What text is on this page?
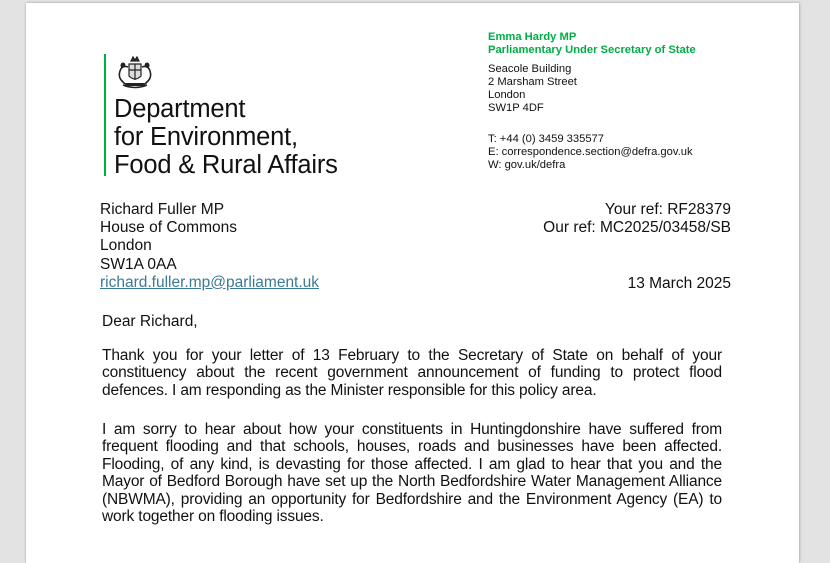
Department
for Environment,
Food & Rural Affairs
Emma Hardy MP
Parliamentary Under Secretary of State
Seacole Building
2 Marsham Street
London
SW1P 4DF
T: +44 (0) 3459 335577
E: correspondence.section@defra.gov.uk
W: gov.uk/defra
Richard Fuller MP
House of Commons
London
SW1A 0AA
richard.fuller.mp@parliament.uk
Your ref: RF28379
Our ref: MC2025/03458/SB
13 March 2025
Dear Richard,
Thank you for your letter of 13 February to the Secretary of State on behalf of your constituency about the recent government announcement of funding to protect flood defences. I am responding as the Minister responsible for this policy area.
I am sorry to hear about how your constituents in Huntingdonshire have suffered from frequent flooding and that schools, houses, roads and businesses have been affected. Flooding, of any kind, is devasting for those affected. I am glad to hear that you and the Mayor of Bedford Borough have set up the North Bedfordshire Water Management Alliance (NBWMA), providing an opportunity for Bedfordshire and the Environment Agency (EA) to work together on flooding issues.
